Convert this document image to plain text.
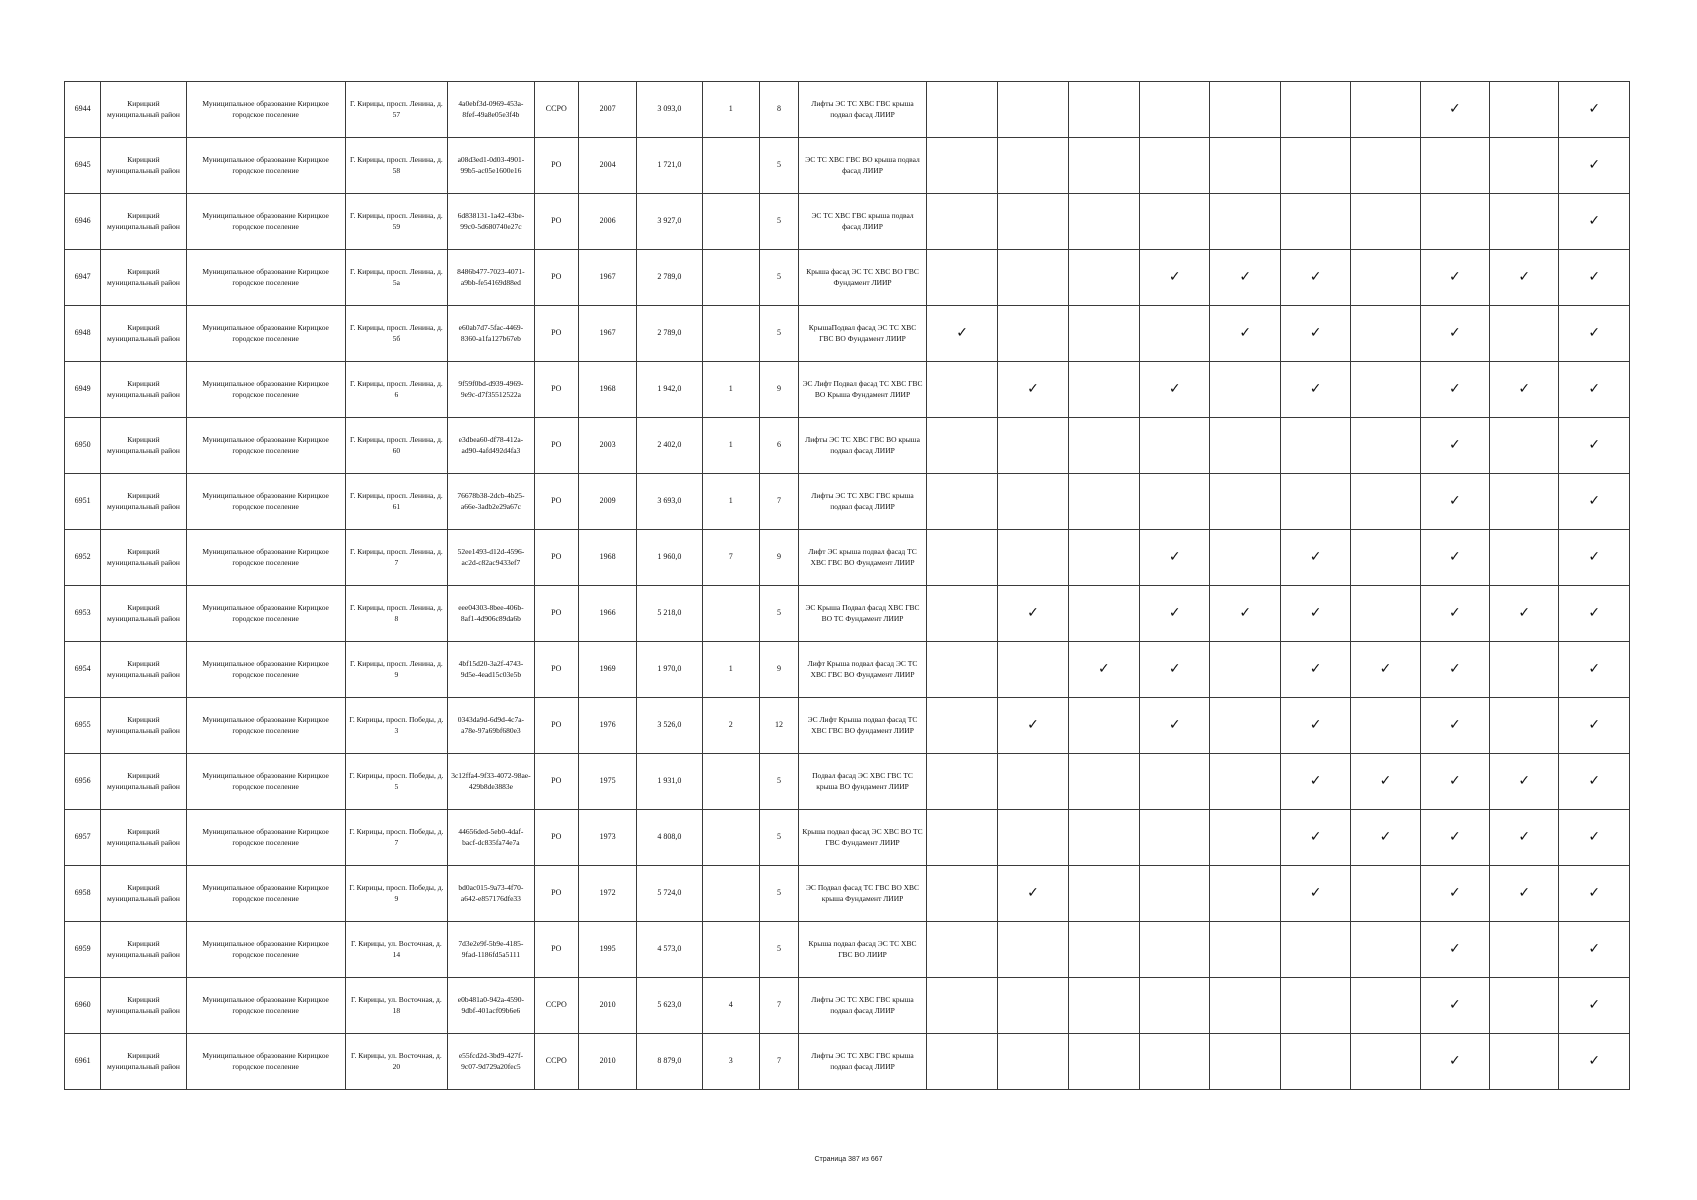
6944	Кирицкий муниципальный район	Муниципальное образование Кирицкое городское поселение	Г. Кирицы, просп. Ленина, д. 57	4a0ebf3d-0969-453a-8fef-49a8e05e3f4b	ССРО	2007	3 093,0	1	8	Лифты ЭС ТС ХВС ГВС крыша подвал фасад ЛИИР								✓		✓
6945	Кирицкий муниципальный район	Муниципальное образование Кирицкое городское поселение	Г. Кирицы, просп. Ленина, д. 58	a08d3ed1-0d03-4901-99b5-ac05e1600e16	РО	2004	1 721,0		5	ЭС ТС ХВС ГВС ВО крыша подвал фасад ЛИИР										✓
6946	Кирицкий муниципальный район	Муниципальное образование Кирицкое городское поселение	Г. Кирицы, просп. Ленина, д. 59	6d838131-1a42-43be-99c0-5d680740e27c	РО	2006	3 927,0		5	ЭС ТС ХВС ГВС крыша подвал фасад ЛИИР										✓
6947	Кирицкий муниципальный район	Муниципальное образование Кирицкое городское поселение	Г. Кирицы, просп. Ленина, д. 5а	8486b477-7023-4071-a9bb-fe54169d88ed	РО	1967	2 789,0		5	Крыша фасад ЭС ТС ХВС ВО ГВС Фундамент ЛИИР				✓	✓	✓		✓	✓	✓
6948	Кирицкий муниципальный район	Муниципальное образование Кирицкое городское поселение	Г. Кирицы, просп. Ленина, д. 5б	e60ab7d7-5fac-4469-8360-a1fa127b67eb	РО	1967	2 789,0		5	КрышаПодвал фасад ЭС ТС ХВС ГВС ВО Фундамент ЛИИР	✓				✓	✓		✓		✓
6949	Кирицкий муниципальный район	Муниципальное образование Кирицкое городское поселение	Г. Кирицы, просп. Ленина, д. 6	9f59f0bd-d939-4969-9e9c-d7f35512522a	РО	1968	1 942,0	1	9	ЭС Лифт Подвал фасад ТС ХВС ГВС ВО Крыша Фундамент ЛИИР		✓		✓		✓		✓	✓	✓
6950	Кирицкий муниципальный район	Муниципальное образование Кирицкое городское поселение	Г. Кирицы, просп. Ленина, д. 60	e3dbea60-df78-412a-ad90-4afd492d4fa3	РО	2003	2 402,0	1	6	Лифты ЭС ТС ХВС ГВС ВО крыша подвал фасад ЛИИР								✓		✓
6951	Кирицкий муниципальный район	Муниципальное образование Кирицкое городское поселение	Г. Кирицы, просп. Ленина, д. 61	76678b38-2dcb-4b25-a66e-3adb2e29a67c	РО	2009	3 693,0	1	7	Лифты ЭС ТС ХВС ГВС крыша подвал фасад ЛИИР								✓		✓
6952	Кирицкий муниципальный район	Муниципальное образование Кирицкое городское поселение	Г. Кирицы, просп. Ленина, д. 7	52ee1493-d12d-4596-ac2d-c82ac9433ef7	РО	1968	1 960,0	7	9	Лифт ЭС крыша подвал фасад ТС ХВС ГВС ВО Фундамент ЛИИР				✓		✓		✓		✓
6953	Кирицкий муниципальный район	Муниципальное образование Кирицкое городское поселение	Г. Кирицы, просп. Ленина, д. 8	eee04303-8bee-406b-8af1-4d906c89da6b	РО	1966	5 218,0		5	ЭС Крыша Подвал фасад ХВС ГВС ВО ТС Фундамент ЛИИР		✓		✓	✓	✓		✓	✓	✓
6954	Кирицкий муниципальный район	Муниципальное образование Кирицкое городское поселение	Г. Кирицы, просп. Ленина, д. 9	4bf15d20-3a2f-4743-9d5e-4ead15c03e5b	РО	1969	1 970,0	1	9	Лифт Крыша подвал фасад ЭС ТС ХВС ГВС ВО Фундамент ЛИИР			✓	✓		✓	✓	✓		✓
6955	Кирицкий муниципальный район	Муниципальное образование Кирицкое городское поселение	Г. Кирицы, просп. Победы, д. 3	0343da9d-6d9d-4c7a-a78e-97a69bf680e3	РО	1976	3 526,0	2	12	ЭС Лифт Крыша подвал фасад ТС ХВС ГВС ВО фундамент ЛИИР		✓		✓		✓		✓		✓
6956	Кирицкий муниципальный район	Муниципальное образование Кирицкое городское поселение	Г. Кирицы, просп. Победы, д. 5	3c12ffa4-9f33-4072-98ae-429b8de3883e	РО	1975	1 931,0		5	Подвал фасад ЭС ХВС ГВС ТС крыша ВО фундамент ЛИИР						✓	✓	✓	✓	✓
6957	Кирицкий муниципальный район	Муниципальное образование Кирицкое городское поселение	Г. Кирицы, просп. Победы, д. 7	44656ded-5eb0-4daf-bacf-dc835fa74e7a	РО	1973	4 808,0		5	Крыша подвал фасад ЭС ХВС ВО ТС ГВС Фундамент ЛИИР						✓	✓	✓	✓	✓
6958	Кирицкий муниципальный район	Муниципальное образование Кирицкое городское поселение	Г. Кирицы, просп. Победы, д. 9	bd0ac015-9a73-4f70-a642-e857176dfe33	РО	1972	5 724,0		5	ЭС Подвал фасад ТС ГВС ВО ХВС крыша Фундамент ЛИИР		✓				✓		✓	✓	✓
6959	Кирицкий муниципальный район	Муниципальное образование Кирицкое городское поселение	Г. Кирицы, ул. Восточная, д. 14	7d3e2e9f-5b9e-4185-9fad-1186fd5a5111	РО	1995	4 573,0		5	Крыша подвал фасад ЭС ТС ХВС ГВС ВО ЛИИР								✓		✓
6960	Кирицкий муниципальный район	Муниципальное образование Кирицкое городское поселение	Г. Кирицы, ул. Восточная, д. 18	e0b481a0-942a-4590-9dbf-401acf09b6e6	ССРО	2010	5 623,0	4	7	Лифты ЭС ТС ХВС ГВС крыша подвал фасад ЛИИР								✓		✓
6961	Кирицкий муниципальный район	Муниципальное образование Кирицкое городское поселение	Г. Кирицы, ул. Восточная, д. 20	e55fcd2d-3bd9-427f-9c07-9d729a20fec5	ССРО	2010	8 879,0	3	7	Лифты ЭС ТС ХВС ГВС крыша подвал фасад ЛИИР								✓		✓
Страница 387 из 667
